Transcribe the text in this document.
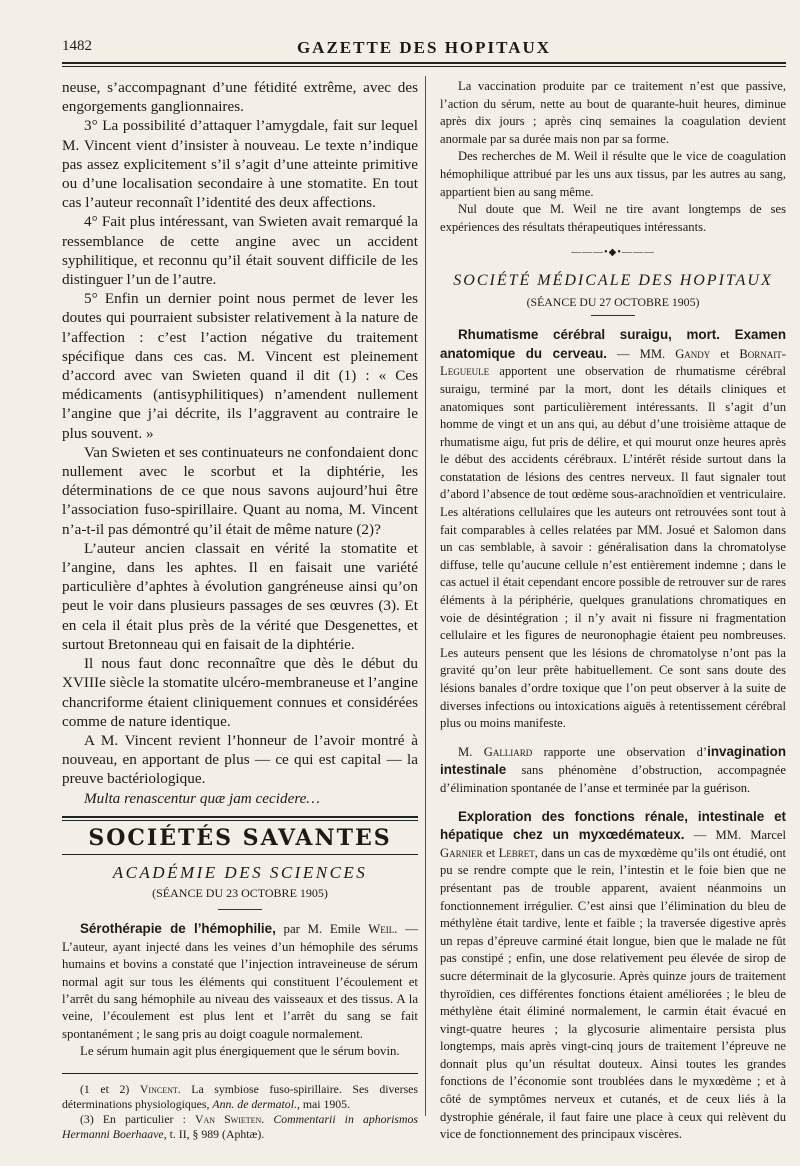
1482	GAZETTE DES HOPITAUX

neuse, s’accompagnant d’une fétidité extrême, avec des engorgements ganglionnaires.

3° La possibilité d’attaquer l’amygdale, fait sur lequel M. Vincent vient d’insister à nouveau. Le texte n’indique pas assez explicitement s’il s’agit d’une atteinte primitive ou d’une localisation secondaire à une stomatite. En tout cas l’auteur reconnaît l’identité des deux affections.

4° Fait plus intéressant, van Swieten avait remarqué la ressemblance de cette angine avec un accident syphilitique, et reconnu qu’il était souvent difficile de les distinguer l’un de l’autre.

5° Enfin un dernier point nous permet de lever les doutes qui pourraient subsister relativement à la nature de l’affection : c’est l’action négative du traitement spécifique dans ces cas. M. Vincent est pleinement d’accord avec van Swieten quand il dit (1) : « Ces médicaments (antisyphilitiques) n’amendent nullement l’angine que j’ai décrite, ils l’aggravent au contraire le plus souvent. »

Van Swieten et ses continuateurs ne confondaient donc nullement avec le scorbut et la diphtérie, les déterminations de ce que nous savons aujourd’hui être l’association fuso-spirillaire. Quant au noma, M. Vincent n’a-t-il pas démontré qu’il était de même nature (2)?

L’auteur ancien classait en vérité la stomatite et l’angine, dans les aphtes. Il en faisait une variété particulière d’aphtes à évolution gangréneuse ainsi qu’on peut le voir dans plusieurs passages de ses œuvres (3). Et en cela il était plus près de la vérité que Desgenettes, et surtout Bretonneau qui en faisait de la diphtérie.

Il nous faut donc reconnaître que dès le début du XVIIIe siècle la stomatite ulcéro-membraneuse et l’angine chancriforme étaient cliniquement connues et considérées comme de nature identique.

A M. Vincent revient l’honneur de l’avoir montré à nouveau, en apportant de plus — ce qui est capital — la preuve bactériologique.

Multa renascentur quæ jam cecidere…

SOCIÉTÉS SAVANTES
ACADÉMIE DES SCIENCES
(SÉANCE DU 23 OCTOBRE 1905)

Sérothérapie de l’hémophilie, par M. Emile Weil. — L’auteur, ayant injecté dans les veines d’un hémophile des sérums humains et bovins a constaté que l’injection intraveineuse de sérum normal agit sur tous les éléments qui constituent l’écoulement et l’arrêt du sang hémophile au niveau des vaisseaux et des tissus. A la veine, l’écoulement est plus lent et l’arrêt du sang se fait spontanément ; le sang pris au doigt coagule normalement.

Le sérum humain agit plus énergiquement que le sérum bovin.

(1 et 2) Vincent. La symbiose fuso-spirillaire. Ses diverses déterminations physiologiques, Ann. de dermatol., mai 1905.

(3) En particulier : Van Swieten. Commentarii in aphorismos Hermanni Boerhaave, t. II, § 989 (Aphtæ).

La vaccination produite par ce traitement n’est que passive, l’action du sérum, nette au bout de quarante-huit heures, diminue après dix jours ; après cinq semaines la coagulation devient anormale par sa durée mais non par sa forme.

Des recherches de M. Weil il résulte que le vice de coagulation hémophilique attribué par les uns aux tissus, par les autres au sang, appartient bien au sang même.

Nul doute que M. Weil ne tire avant longtemps de ses expériences des résultats thérapeutiques intéressants.

———•◆•———
SOCIÉTÉ MÉDICALE DES HOPITAUX
(SÉANCE DU 27 OCTOBRE 1905)

Rhumatisme cérébral suraigu, mort. Examen anatomique du cerveau. — MM. Gandy et Bornait-Legueule apportent une observation de rhumatisme cérébral suraigu, terminé par la mort, dont les détails cliniques et anatomiques sont particulièrement intéressants. Il s’agit d’un homme de vingt et un ans qui, au début d’une troisième attaque de rhumatisme aigu, fut pris de délire, et qui mourut onze heures après le début des accidents cérébraux. L’intérêt réside surtout dans la constatation de lésions des centres nerveux. Il faut signaler tout d’abord l’absence de tout œdème sous-arachnoïdien et ventriculaire. Les altérations cellulaires que les auteurs ont retrouvées sont tout à fait comparables à celles relatées par MM. Josué et Salomon dans un cas semblable, à savoir : généralisation dans la chromatolyse diffuse, telle qu’aucune cellule n’est entièrement indemne ; dans le cas actuel il était cependant encore possible de retrouver sur de rares éléments à la périphérie, quelques granulations chromatiques en voie de désintégration ; il n’y avait ni fissure ni fragmentation cellulaire et les figures de neuronophagie étaient peu nombreuses. Les auteurs pensent que les lésions de chromatolyse n’ont pas la gravité qu’on leur prête habituellement. Ce sont sans doute des lésions banales d’ordre toxique que l’on peut observer à la suite de diverses infections ou intoxications aiguës à retentissement cérébral plus ou moins manifeste.

M. Galliard rapporte une observation d’invagination intestinale sans phénomène d’obstruction, accompagnée d’élimination spontanée de l’anse et terminée par la guérison.

Exploration des fonctions rénale, intestinale et hépatique chez un myxœdémateux. — MM. Marcel Garnier et Lebret, dans un cas de myxœdème qu’ils ont étudié, ont pu se rendre compte que le rein, l’intestin et le foie bien que ne présentant pas de trouble apparent, avaient néanmoins un fonctionnement irrégulier. C’est ainsi que l’élimination du bleu de méthylène était tardive, lente et faible ; la traversée digestive après un repas d’épreuve carminé était longue, bien que le malade ne fût pas constipé ; enfin, une dose relativement peu élevée de sirop de sucre déterminait de la glycosurie. Après quinze jours de traitement thyroïdien, ces différentes fonctions étaient améliorées ; le bleu de méthylène était éliminé normalement, le carmin était évacué en vingt-quatre heures ; la glycosurie alimentaire persista plus longtemps, mais après vingt-cinq jours de traitement l’épreuve ne donnait plus qu’un résultat douteux. Ainsi toutes les grandes fonctions de l’économie sont troublées dans le myxœdème ; et à côté de symptômes nerveux et cutanés, et de ceux liés à la dystrophie générale, il faut faire une place à ceux qui relèvent du vice de fonctionnement des principaux viscères.
